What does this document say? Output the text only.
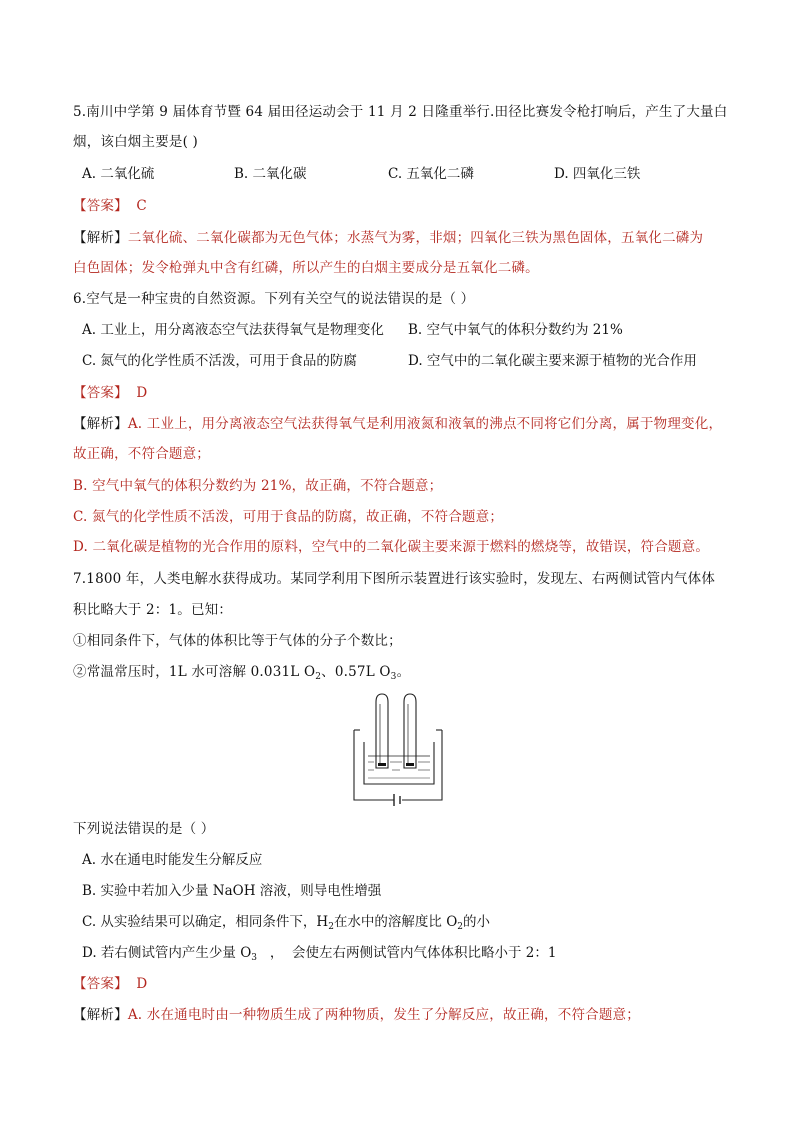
5.南川中学第 9 届体育节暨 64 届田径运动会于 11 月 2 日隆重举行.田径比赛发令枪打响后，产生了大量白
烟，该白烟主要是( )
A. 二氧化硫	B. 二氧化碳	C. 五氧化二磷	D. 四氧化三铁
【答案】 C
【解析】二氧化硫、二氧化碳都为无色气体；水蒸气为雾，非烟；四氧化三铁为黑色固体，五氧化二磷为
白色固体；发令枪弹丸中含有红磷，所以产生的白烟主要成分是五氧化二磷。
6.空气是一种宝贵的自然资源。下列有关空气的说法错误的是（ ）
A. 工业上，用分离液态空气法获得氧气是物理变化 B. 空气中氧气的体积分数约为 21%
C. 氮气的化学性质不活泼，可用于食品的防腐	D. 空气中的二氧化碳主要来源于植物的光合作用
【答案】 D
【解析】A. 工业上，用分离液态空气法获得氧气是利用液氮和液氧的沸点不同将它们分离，属于物理变化，
故正确，不符合题意；
B. 空气中氧气的体积分数约为 21%，故正确，不符合题意；
C. 氮气的化学性质不活泼，可用于食品的防腐，故正确，不符合题意；
D. 二氧化碳是植物的光合作用的原料，空气中的二氧化碳主要来源于燃料的燃烧等，故错误，符合题意。
7.1800 年，人类电解水获得成功。某同学利用下图所示装置进行该实验时，发现左、右两侧试管内气体体
积比略大于 2：1。已知：
①相同条件下，气体的体积比等于气体的分子个数比；
②常温常压时，1L 水可溶解 0.031L $O_2$、0.57L $O_3$。
下列说法错误的是（ ）
A. 水在通电时能发生分解反应
B. 实验中若加入少量 NaOH 溶液，则导电性增强
C. 从实验结果可以确定，相同条件下，$H_2$在水中的溶解度比 $O_2$的小
D. 若右侧试管内产生少量 $O_3$   ，  会使左右两侧试管内气体体积比略小于 2：1
【答案】 D
【解析】A. 水在通电时由一种物质生成了两种物质，发生了分解反应，故正确，不符合题意；
